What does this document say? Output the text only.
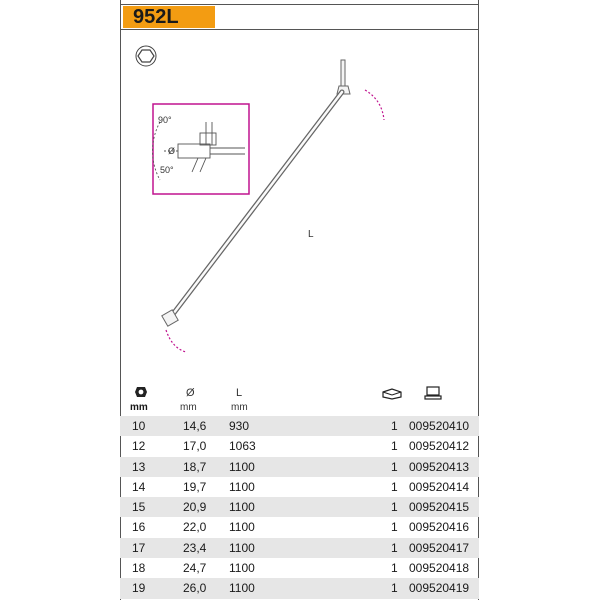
952L
90°
50°
Ø
L
Ø	L
mm	mm	mm
10	14,6 930	1 009520410
12	17,0 1063	1 009520412
13	18,7 1100	1 009520413
14	19,7 1100	1 009520414
15	20,9 1100	1 009520415
16	22,0 1100	1 009520416
17	23,4 1100	1 009520417
18	24,7 1100	1 009520418
19	26,0 1100	1 009520419
